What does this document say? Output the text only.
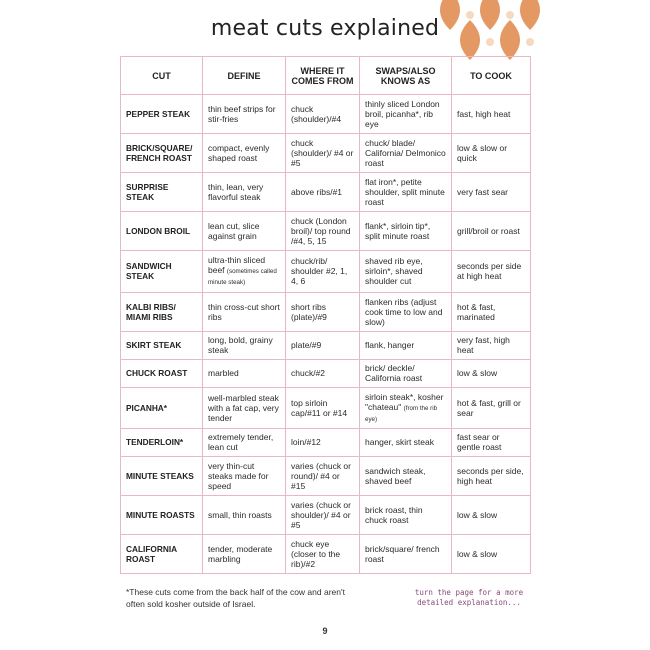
meat cuts explained
CUT	DEFINE	WHERE IT COMES FROM	SWAPS/ALSO KNOWS AS	TO COOK
PEPPER STEAK	thin beef strips for stir-fries	chuck (shoulder)/#4	thinly sliced London broil, picanha*, rib eye	fast, high heat
BRICK/SQUARE/ FRENCH ROAST	compact, evenly shaped roast	chuck (shoulder)/ #4 or #5	chuck/ blade/ California/ Delmonico roast	low & slow or quick
SURPRISE STEAK	thin, lean, very flavorful steak	above ribs/#1	flat iron*, petite shoulder, split minute roast	very fast sear
LONDON BROIL	lean cut, slice against grain	chuck (London broil)/ top round /#4, 5, 15	flank*, sirloin tip*, split minute roast	grill/broil or roast
SANDWICH STEAK	ultra-thin sliced beef (sometimes called minute steak)	chuck/rib/ shoulder #2, 1, 4, 6	shaved rib eye, sirloin*, shaved shoulder cut	seconds per side at high heat
KALBI RIBS/ MIAMI RIBS	thin cross-cut short ribs	short ribs (plate)/#9	flanken ribs (adjust cook time to low and slow)	hot & fast, marinated
SKIRT STEAK	long, bold, grainy steak	plate/#9	flank, hanger	very fast, high heat
CHUCK ROAST	marbled	chuck/#2	brick/ deckle/ California roast	low & slow
PICANHA*	well-marbled steak with a fat cap, very tender	top sirloin cap/#11 or #14	sirloin steak*, kosher "chateau" (from the rib eye)	hot & fast, grill or sear
TENDERLOIN*	extremely tender, lean cut	loin/#12	hanger, skirt steak	fast sear or gentle roast
MINUTE STEAKS	very thin-cut steaks made for speed	varies (chuck or round)/ #4 or #15	sandwich steak, shaved beef	seconds per side, high heat
MINUTE ROASTS	small, thin roasts	varies (chuck or shoulder)/ #4 or #5	brick roast, thin chuck roast	low & slow
CALIFORNIA ROAST	tender, moderate marbling	chuck eye (closer to the rib)/#2	brick/square/ french roast	low & slow
*These cuts come from the back half of the cow and aren't often sold kosher outside of Israel.
turn the page for a more detailed explanation...
9
